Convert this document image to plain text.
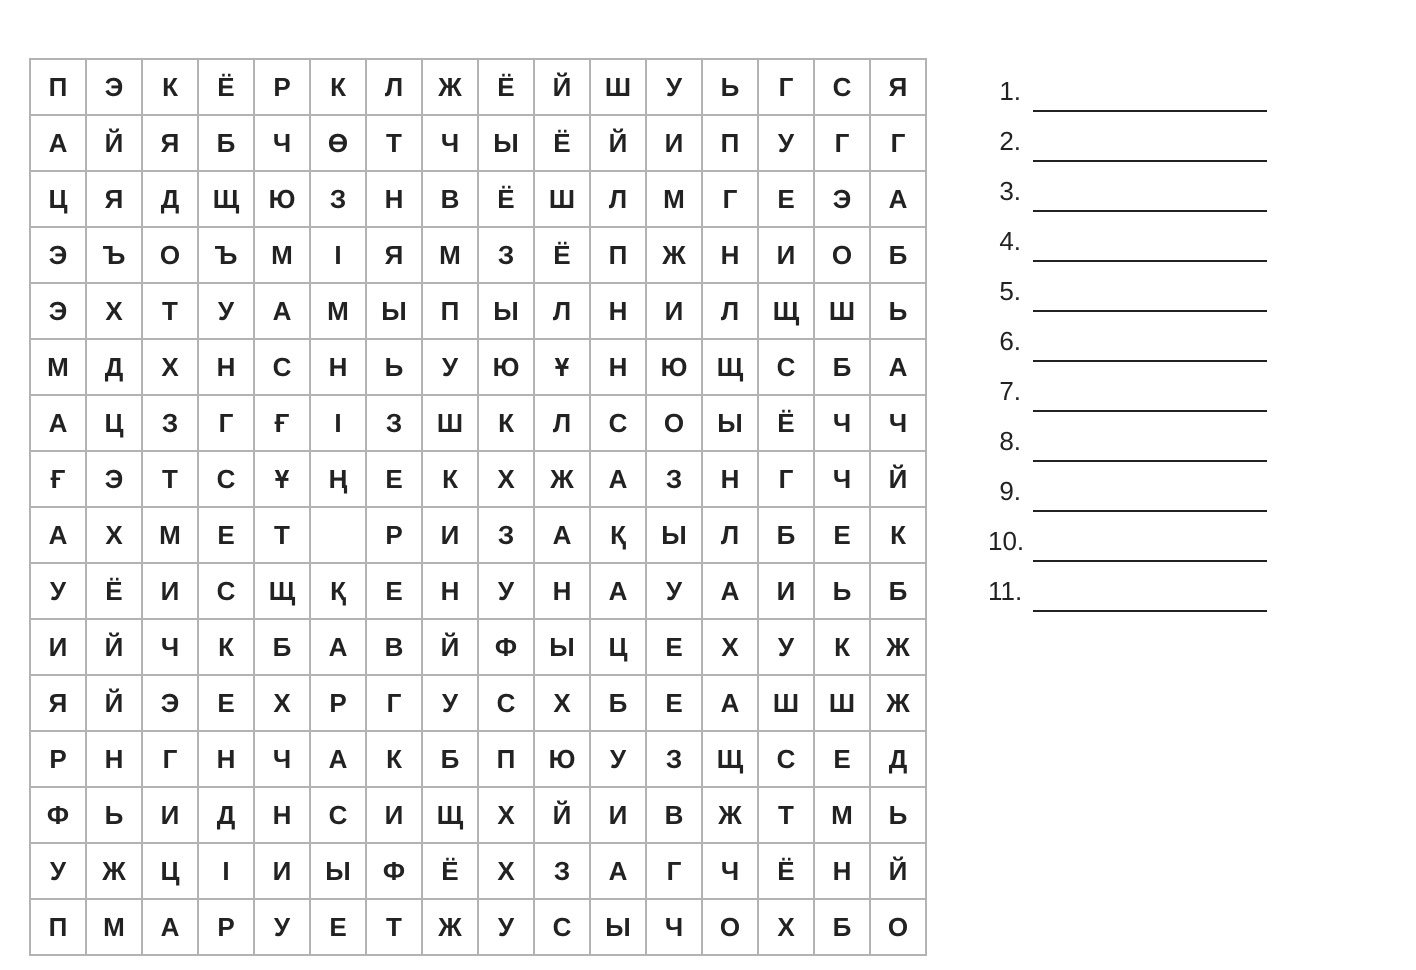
П	Э	К	Ё	Р	К	Л	Ж	Ё	Й	Ш	У	Ь	Г	С	Я
А	Й	Я	Б	Ч	Ө	Т	Ч	Ы	Ё	Й	И	П	У	Г	Г
Ц	Я	Д	Щ	Ю	З	Н	В	Ё	Ш	Л	М	Г	Е	Э	А
Э	Ъ	О	Ъ	М	І	Я	М	З	Ё	П	Ж	Н	И	О	Б
Э	Х	Т	У	А	М	Ы	П	Ы	Л	Н	И	Л	Щ	Ш	Ь
М	Д	Х	Н	С	Н	Ь	У	Ю	Ұ	Н	Ю	Щ	С	Б	А
А	Ц	З	Г	Ғ	І	З	Ш	К	Л	С	О	Ы	Ё	Ч	Ч
Ғ	Э	Т	С	Ұ	Ң	Е	К	Х	Ж	А	З	Н	Г	Ч	Й
А	Х	М	Е	Т		Р	И	З	А	Қ	Ы	Л	Б	Е	К
У	Ё	И	С	Щ	Қ	Е	Н	У	Н	А	У	А	И	Ь	Б
И	Й	Ч	К	Б	А	В	Й	Ф	Ы	Ц	Е	Х	У	К	Ж
Я	Й	Э	Е	Х	Р	Г	У	С	Х	Б	Е	А	Ш	Ш	Ж
Р	Н	Г	Н	Ч	А	К	Б	П	Ю	У	З	Щ	С	Е	Д
Ф	Ь	И	Д	Н	С	И	Щ	Х	Й	И	В	Ж	Т	М	Ь
У	Ж	Ц	І	И	Ы	Ф	Ё	Х	З	А	Г	Ч	Ё	Н	Й
П	М	А	Р	У	Е	Т	Ж	У	С	Ы	Ч	О	Х	Б	О
1.
2.
3.
4.
5.
6.
7.
8.
9.
10.
11.
